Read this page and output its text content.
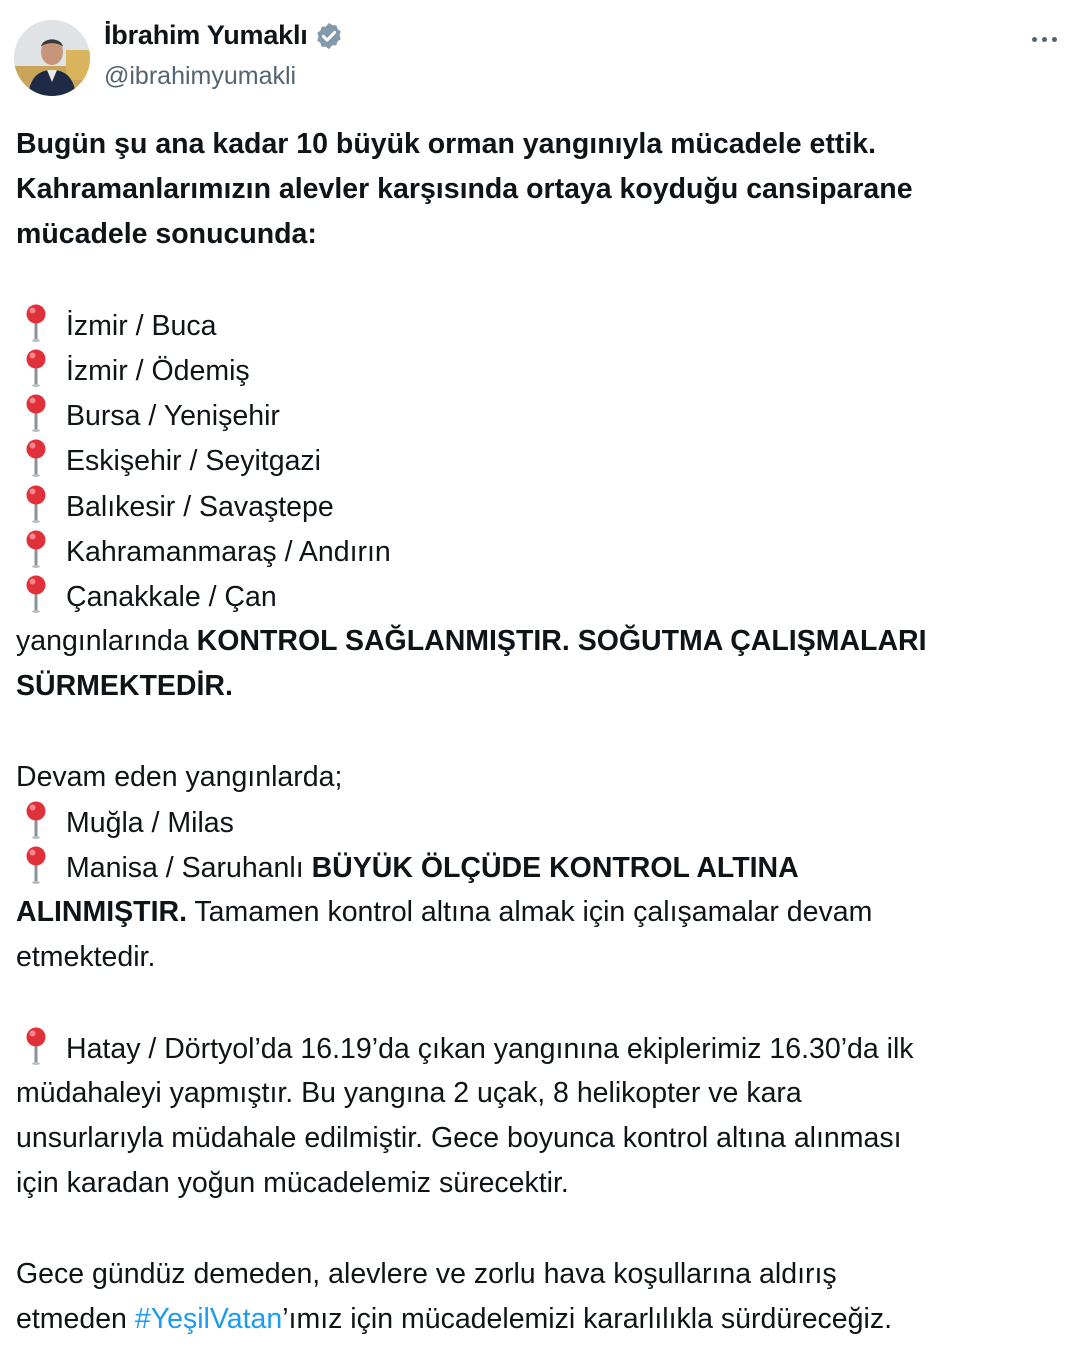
İbrahim Yumaklı
@ibrahimyumakli
Bugün şu ana kadar 10 büyük orman yangınıyla mücadele ettik.
Kahramanlarımızın alevler karşısında ortaya koyduğu cansiparane
mücadele sonucunda:
İzmir / Buca
İzmir / Ödemiş
Bursa / Yenişehir
Eskişehir / Seyitgazi
Balıkesir / Savaştepe
Kahramanmaraş / Andırın
Çanakkale / Çan
yangınlarında KONTROL SAĞLANMIŞTIR. SOĞUTMA ÇALIŞMALARI
SÜRMEKTEDİR.
Devam eden yangınlarda;
Muğla / Milas
Manisa / Saruhanlı BÜYÜK ÖLÇÜDE KONTROL ALTINA
ALINMIŞTIR. Tamamen kontrol altına almak için çalışamalar devam
etmektedir.
Hatay / Dörtyol’da 16.19’da çıkan yangınına ekiplerimiz 16.30’da ilk
müdahaleyi yapmıştır. Bu yangına 2 uçak, 8 helikopter ve kara
unsurlarıyla müdahale edilmiştir. Gece boyunca kontrol altına alınması
için karadan yoğun mücadelemiz sürecektir.
Gece gündüz demeden, alevlere ve zorlu hava koşullarına aldırış
etmeden #YeşilVatan’ımız için mücadelemizi kararlılıkla sürdüreceğiz.
